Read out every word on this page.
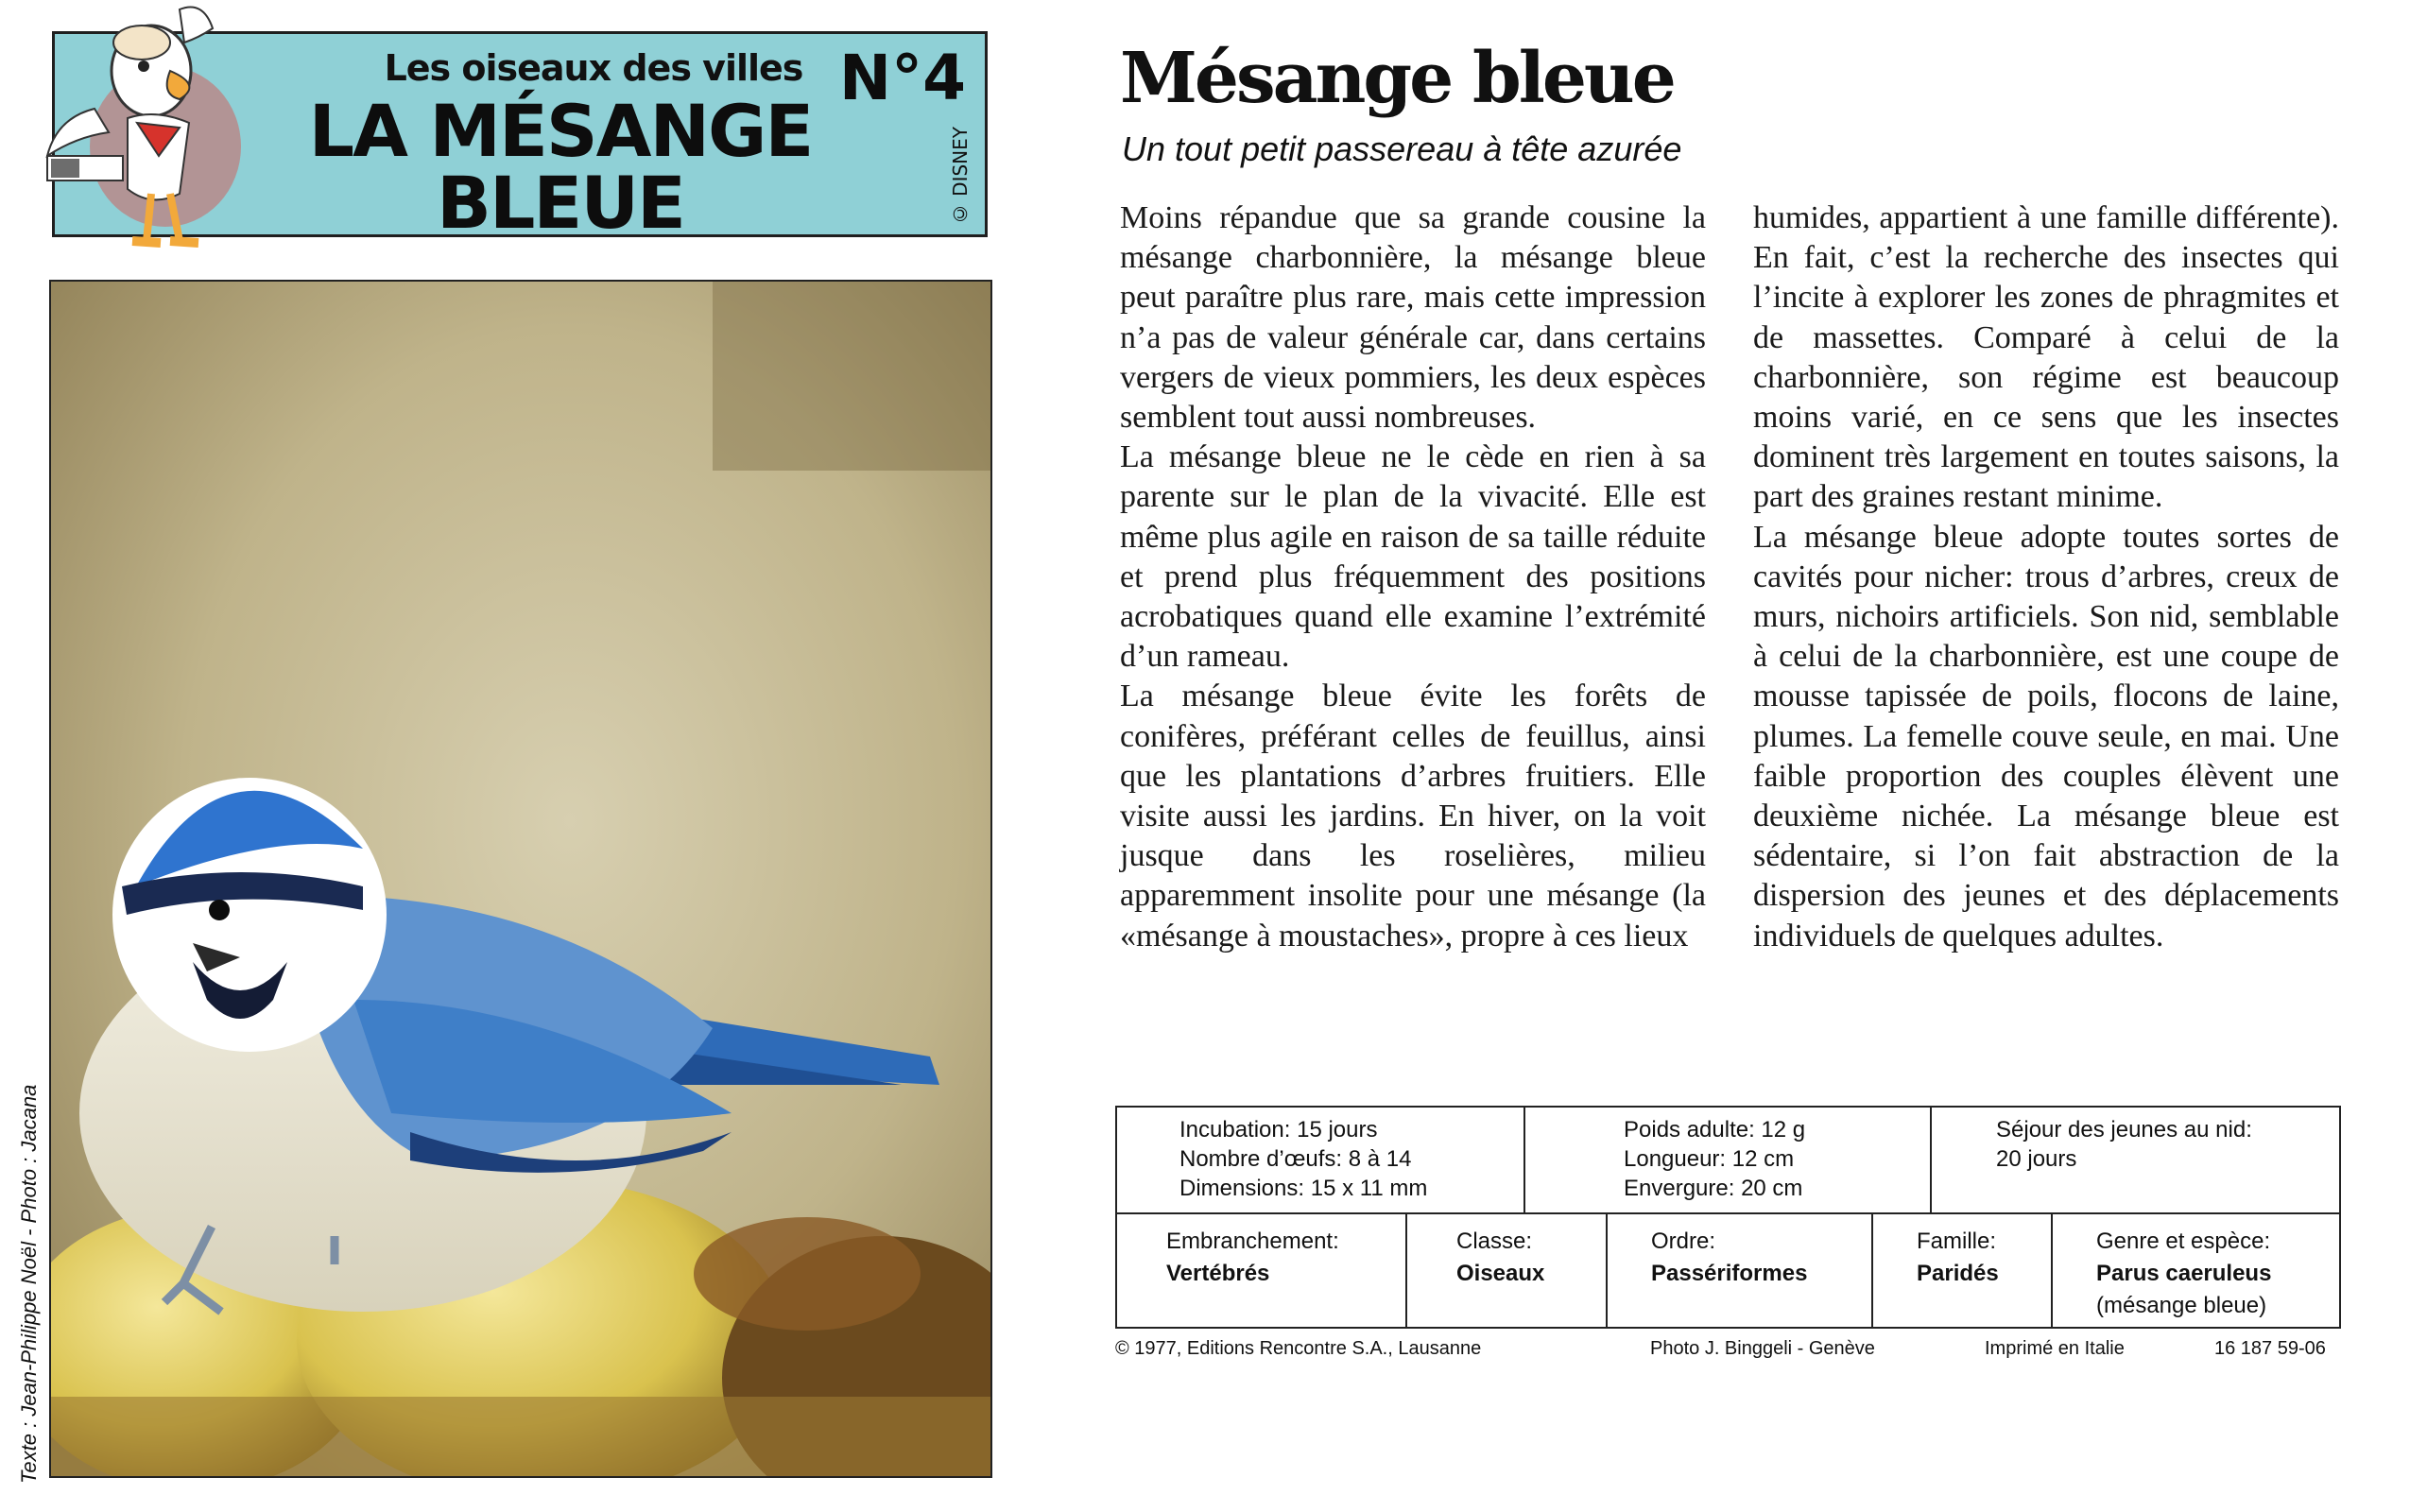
Les oiseaux des villes
LA MÉSANGE
BLEUE
N°4
© DISNEY
Texte : Jean-Philippe Noël - Photo : Jacana
Mésange bleue
Un tout petit passereau à tête azurée
Moins répandue que sa grande cousine la mésange charbonnière, la mésange bleue peut paraître plus rare, mais cette impression n’a pas de valeur générale car, dans certains vergers de vieux pommiers, les deux espèces semblent tout aussi nombreuses.
La mésange bleue ne le cède en rien à sa parente sur le plan de la vivacité. Elle est même plus agile en raison de sa taille réduite et prend plus fréquemment des positions acrobatiques quand elle examine l’extrémité d’un rameau.
La mésange bleue évite les forêts de conifères, préférant celles de feuillus, ainsi que les plantations d’arbres fruitiers. Elle visite aussi les jardins. En hiver, on la voit jusque dans les roselières, milieu apparemment insolite pour une mésange (la «mésange à moustaches», propre à ces lieux
humides, appartient à une famille différente). En fait, c’est la recherche des insectes qui l’incite à explorer les zones de phragmites et de massettes. Comparé à celui de la charbonnière, son régime est beaucoup moins varié, en ce sens que les insectes dominent très largement en toutes saisons, la part des graines restant minime.
La mésange bleue adopte toutes sortes de cavités pour nicher: trous d’arbres, creux de murs, nichoirs artificiels. Son nid, semblable à celui de la charbonnière, est une coupe de mousse tapissée de poils, flocons de laine, plumes. La femelle couve seule, en mai. Une faible proportion des couples élèvent une deuxième nichée. La mésange bleue est sédentaire, si l’on fait abstraction de la dispersion des jeunes et des déplacements individuels de quelques adultes.
Incubation: 15 jours
Nombre d’œufs: 8 à 14
Dimensions: 15 x 11 mm
Poids adulte: 12 g
Longueur: 12 cm
Envergure: 20 cm
Séjour des jeunes au nid:
20 jours
Embranchement:
Vertébrés
Classe:
Oiseaux
Ordre:
Passériformes
Famille:
Paridés
Genre et espèce:
Parus caeruleus
(mésange bleue)
© 1977, Editions Rencontre S.A., Lausanne	Photo J. Binggeli - Genève	Imprimé en Italie	16 187 59-06
